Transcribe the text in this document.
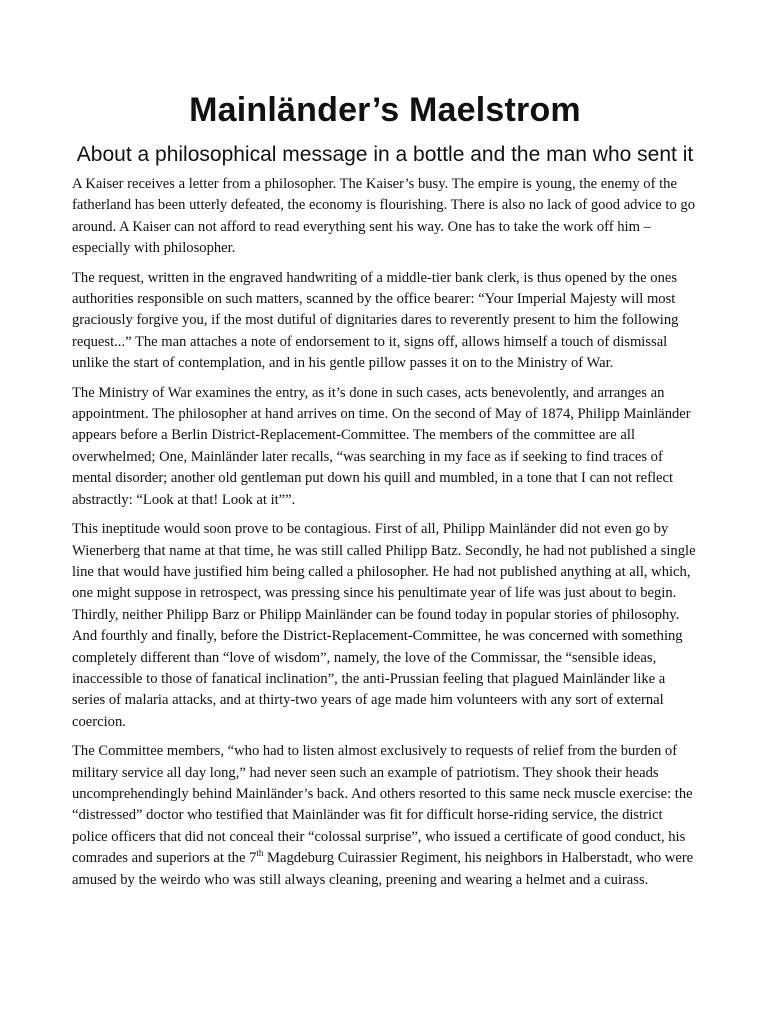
Mainländer’s Maelstrom
About a philosophical message in a bottle and the man who sent it

A Kaiser receives a letter from a philosopher. The Kaiser’s busy. The empire is young, the enemy of the fatherland has been utterly defeated, the economy is flourishing. There is also no lack of good advice to go around. A Kaiser can not afford to read everything sent his way. One has to take the work off him – especially with philosopher.

The request, written in the engraved handwriting of a middle-tier bank clerk, is thus opened by the ones authorities responsible on such matters, scanned by the office bearer: “Your Imperial Majesty will most graciously forgive you, if the most dutiful of dignitaries dares to reverently present to him the following request...” The man attaches a note of endorsement to it, signs off, allows himself a touch of dismissal unlike the start of contemplation, and in his gentle pillow passes it on to the Ministry of War.

The Ministry of War examines the entry, as it’s done in such cases, acts benevolently, and arranges an appointment. The philosopher at hand arrives on time. On the second of May of 1874, Philipp Mainländer appears before a Berlin District-Replacement-Committee. The members of the committee are all overwhelmed; One, Mainländer later recalls, “was searching in my face as if seeking to find traces of mental disorder; another old gentleman put down his quill and mumbled, in a tone that I can not reflect abstractly: “Look at that! Look at it””.

This ineptitude would soon prove to be contagious. First of all, Philipp Mainländer did not even go by Wienerberg that name at that time, he was still called Philipp Batz. Secondly, he had not published a single line that would have justified him being called a philosopher. He had not published anything at all, which, one might suppose in retrospect, was pressing since his penultimate year of life was just about to begin. Thirdly, neither Philipp Barz or Philipp Mainländer can be found today in popular stories of philosophy. And fourthly and finally, before the District-Replacement-Committee, he was concerned with something completely different than “love of wisdom”, namely, the love of the Commissar, the “sensible ideas, inaccessible to those of fanatical inclination”, the anti-Prussian feeling that plagued Mainländer like a series of malaria attacks, and at thirty-two years of age made him volunteers with any sort of external coercion.

The Committee members, “who had to listen almost exclusively to requests of relief from the burden of military service all day long,” had never seen such an example of patriotism. They shook their heads uncomprehendingly behind Mainländer’s back. And others resorted to this same neck muscle exercise: the “distressed” doctor who testified that Mainländer was fit for difficult horse-riding service, the district police officers that did not conceal their “colossal surprise”, who issued a certificate of good conduct, his comrades and superiors at the 7th Magdeburg Cuirassier Regiment, his neighbors in Halberstadt, who were amused by the weirdo who was still always cleaning, preening and wearing a helmet and a cuirass.
